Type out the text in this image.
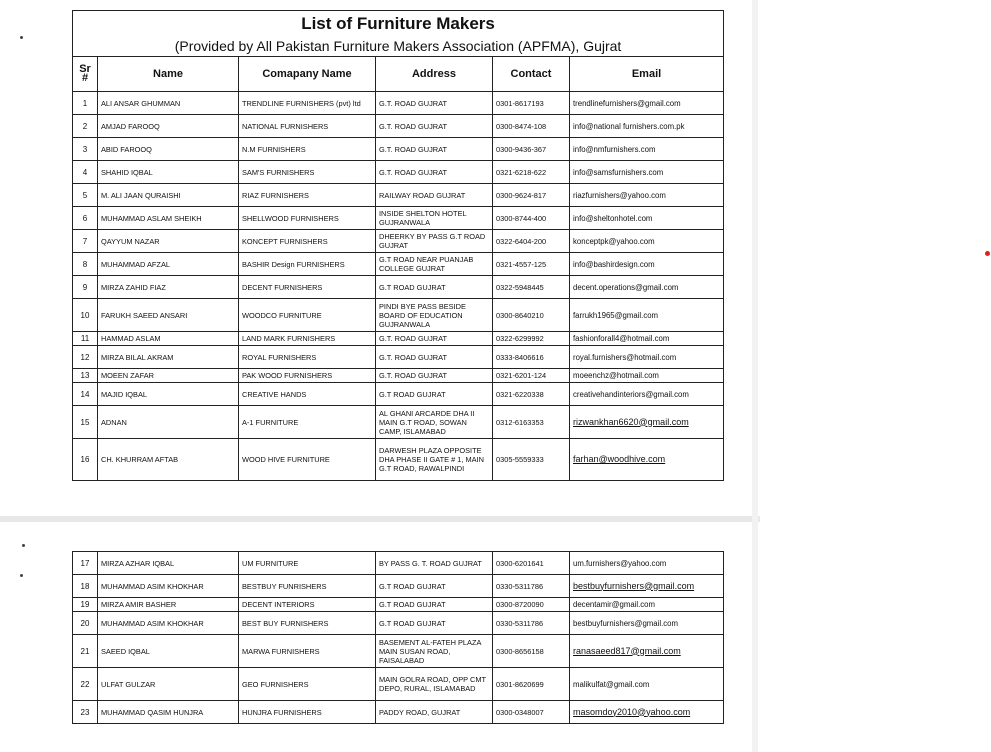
List of Furniture Makers
(Provided by All Pakistan Furniture Makers Association (APFMA), Gujrat					

Sr #	Name	Comapany Name	Address	Contact	Email
1	ALI ANSAR GHUMMAN	TRENDLINE FURNISHERS (pvt) ltd	G.T. ROAD GUJRAT	0301-8617193	trendlinefurnishers@gmail.com
2	AMJAD FAROOQ	NATIONAL FURNISHERS	G.T. ROAD GUJRAT	0300-8474-108	info@national furnishers.com.pk
3	ABID FAROOQ	N.M FURNISHERS	G.T. ROAD GUJRAT	0300-9436-367	info@nmfurnishers.com
4	SHAHID IQBAL	SAM'S FURNISHERS	G.T. ROAD GUJRAT	0321-6218-622	info@samsfurnishers.com
5	M. ALI JAAN QURAISHI	RIAZ FURNISHERS	RAILWAY ROAD GUJRAT	0300-9624-817	riazfurnishers@yahoo.com
6	MUHAMMAD ASLAM SHEIKH	SHELLWOOD FURNISHERS	INSIDE SHELTON HOTEL GUJRANWALA	0300-8744-400	info@sheltonhotel.com
7	QAYYUM NAZAR	KONCEPT FURNISHERS	DHEERKY BY PASS G.T ROAD GUJRAT	0322-6404-200	konceptpk@yahoo.com
8	MUHAMMAD AFZAL	BASHIR Design FURNISHERS	G.T ROAD NEAR PUANJAB COLLEGE GUJRAT	0321-4557-125	info@bashirdesign.com
9	MIRZA ZAHID FIAZ	DECENT FURNISHERS	G.T ROAD GUJRAT	0322-5948445	decent.operations@gmail.com
10	FARUKH SAEED ANSARI	WOODCO FURNITURE	PINDI BYE PASS BESIDE BOARD OF EDUCATION GUJRANWALA	0300-8640210	farrukh1965@gmail.com
11	HAMMAD ASLAM	LAND MARK FURNISHERS	G.T. ROAD GUJRAT	0322-6299992	fashionforall4@hotmail.com
12	MIRZA BILAL AKRAM	ROYAL FURNISHERS	G.T. ROAD GUJRAT	0333-8406616	royal.furnishers@hotmail.com
13	MOEEN ZAFAR	PAK WOOD FURNISHERS	G.T. ROAD GUJRAT	0321-6201-124	moeenchz@hotmail.com
14	MAJID IQBAL	CREATIVE HANDS	G.T ROAD GUJRAT	0321-6220338	creativehandinteriors@gmail.com
15	ADNAN	A-1 FURNITURE	AL GHANI ARCARDE DHA II MAIN G.T ROAD, SOWAN CAMP, ISLAMABAD	0312-6163353	rizwankhan6620@gmail.com
16	CH. KHURRAM AFTAB	WOOD HIVE FURNITURE	DARWESH PLAZA OPPOSITE DHA PHASE II GATE # 1, MAIN G.T ROAD, RAWALPINDI	0305-5559333	farhan@woodhive.com
17	MIRZA AZHAR IQBAL	UM FURNITURE	BY PASS G. T. ROAD GUJRAT	0300-6201641	um.furnishers@yahoo.com
18	MUHAMMAD ASIM KHOKHAR	BESTBUY FUNRISHERS	G.T ROAD GUJRAT	0330-5311786	bestbuyfurnishers@gmail.com
19	MIRZA AMIR BASHER	DECENT INTERIORS	G.T ROAD GUJRAT	0300-8720090	decentamir@gmail.com
20	MUHAMMAD ASIM KHOKHAR	BEST BUY FURNISHERS	G.T ROAD GUJRAT	0330-5311786	bestbuyfurnishers@gmail.com
21	SAEED IQBAL	MARWA FURNISHERS	BASEMENT AL-FATEH PLAZA MAIN SUSAN ROAD, FAISALABAD	0300-8656158	ranasaeed817@gmail.com
22	ULFAT GULZAR	GEO FURNISHERS	MAIN GOLRA ROAD, OPP CMT DEPO, RURAL, ISLAMABAD	0301-8620699	malikulfat@gmail.com
23	MUHAMMAD QASIM HUNJRA	HUNJRA FURNISHERS	PADDY ROAD, GUJRAT	0300-0348007	masomdoy2010@yahoo.com
